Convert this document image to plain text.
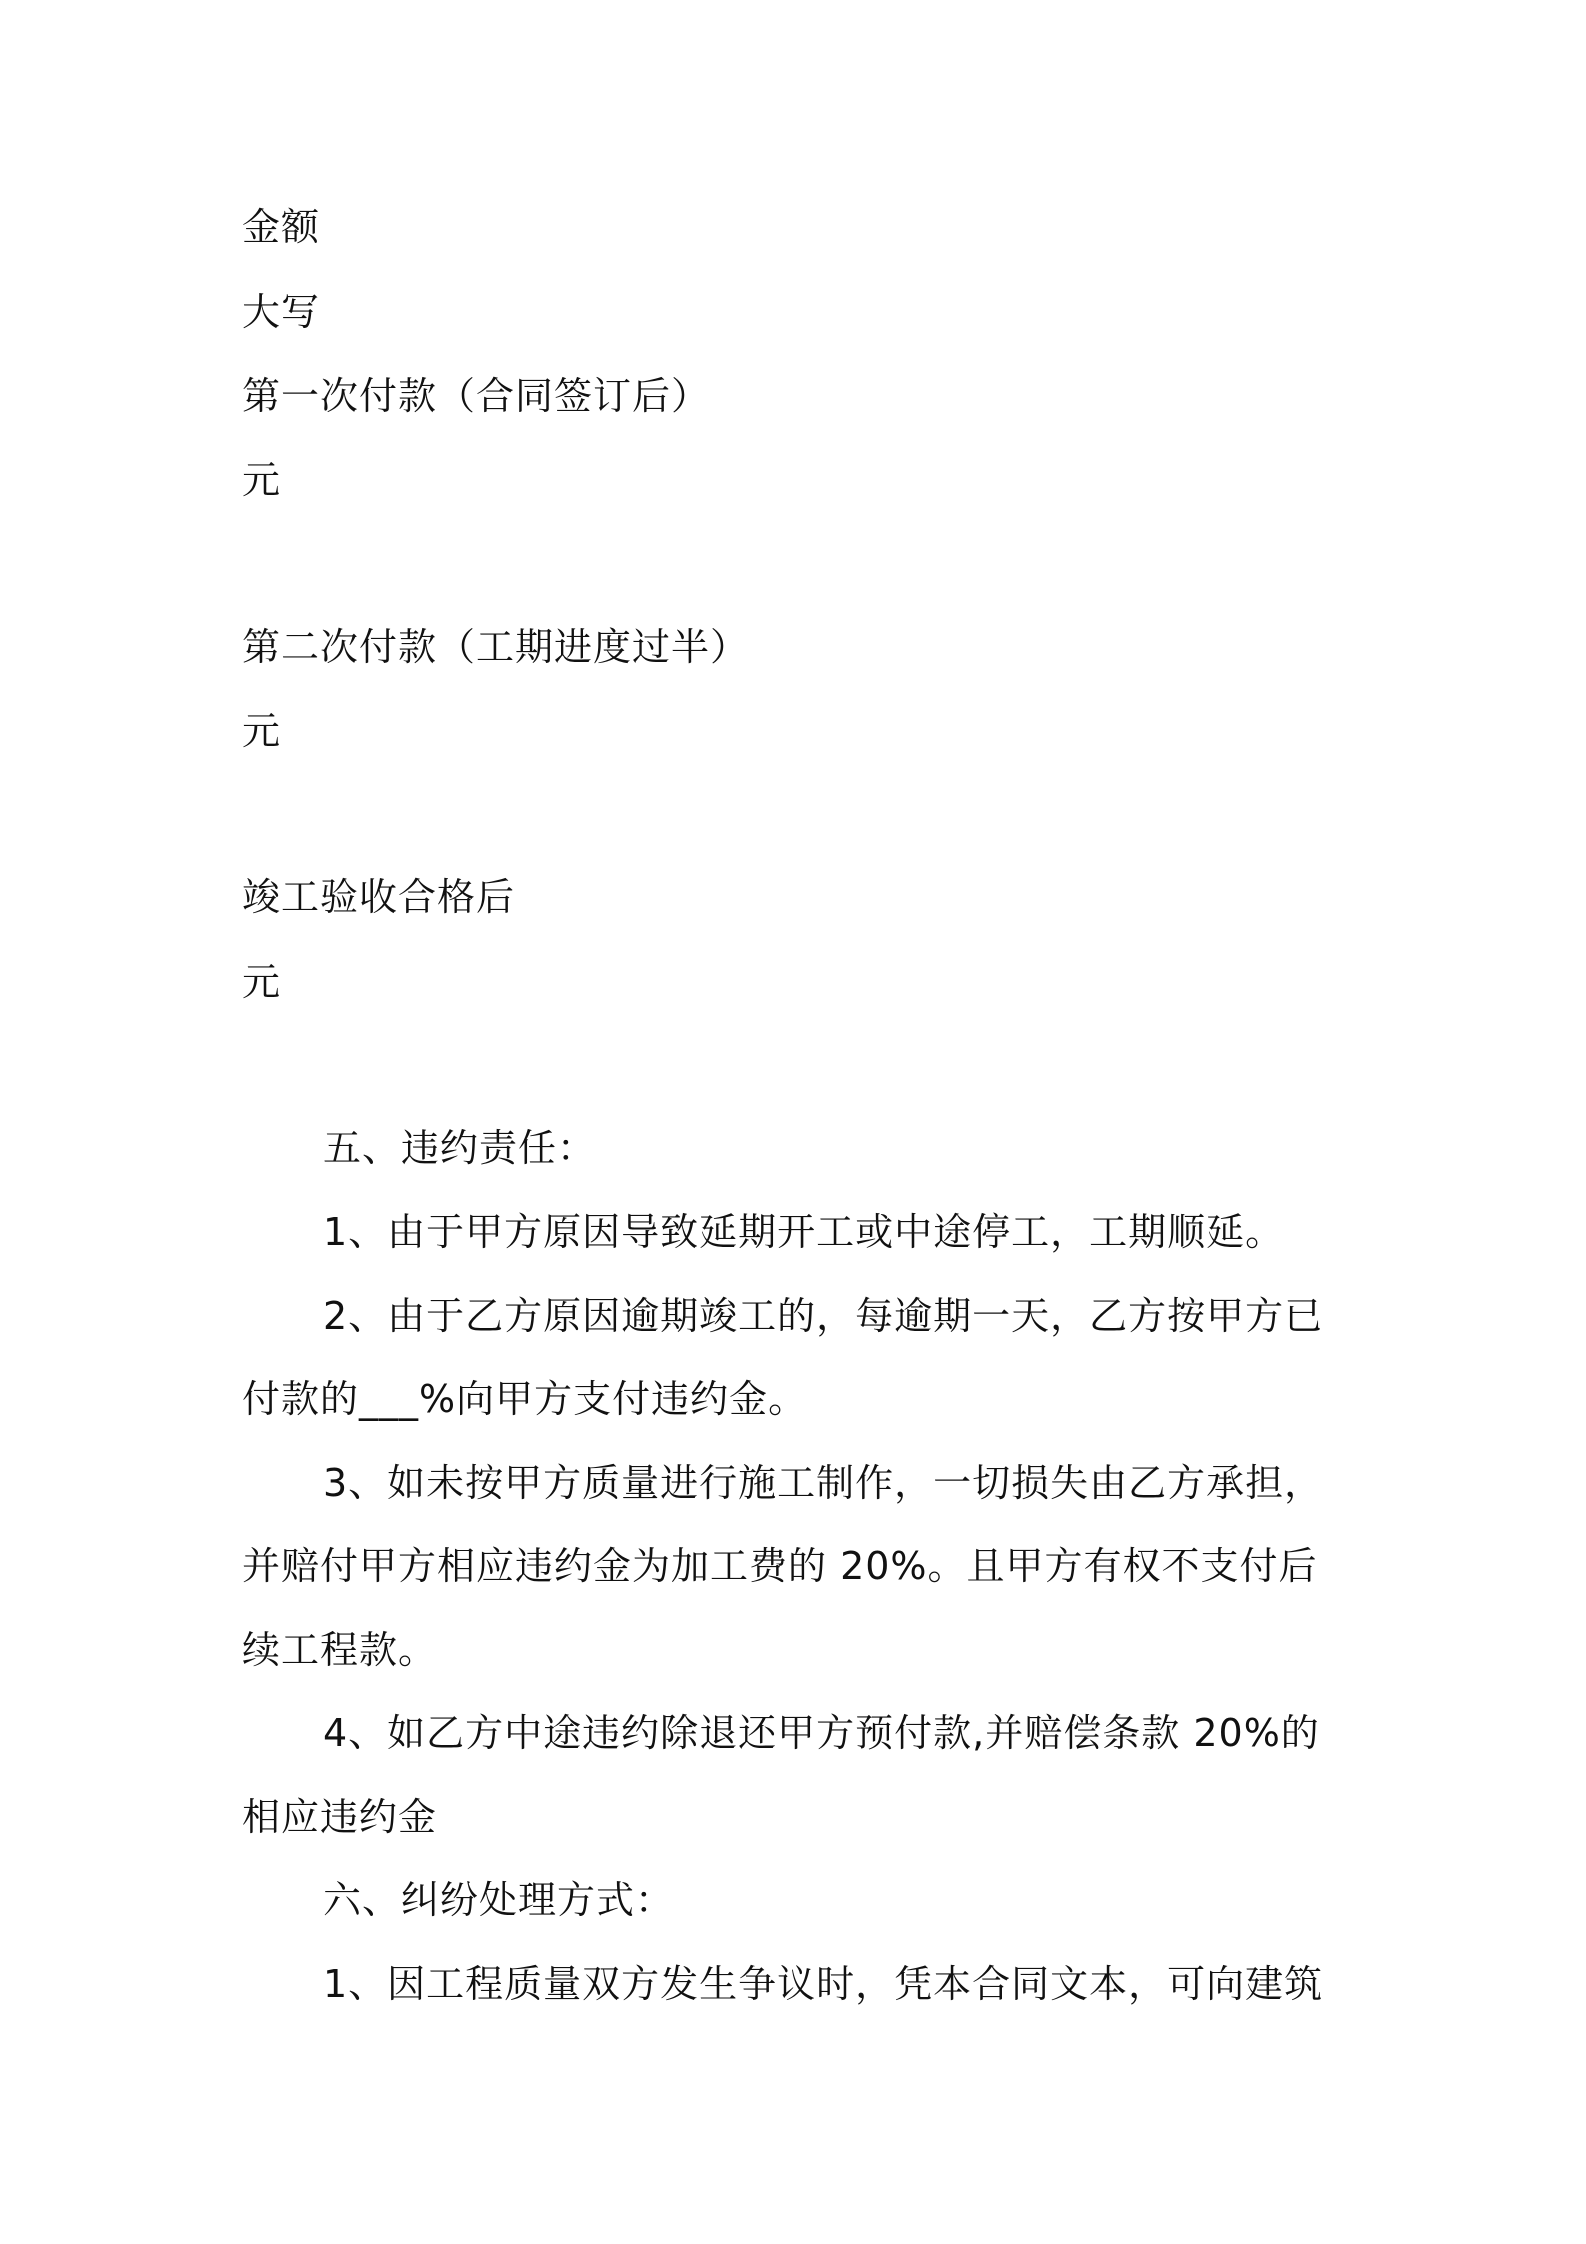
金额
大写
第一次付款（合同签订后）
元
第二次付款（工期进度过半）
元
竣工验收合格后
元
五、违约责任：
1、由于甲方原因导致延期开工或中途停工，工期顺延。
2、由于乙方原因逾期竣工的，每逾期一天，乙方按甲方已
付款的___%向甲方支付违约金。
3、如未按甲方质量进行施工制作，一切损失由乙方承担，
并赔付甲方相应违约金为加工费的 20%。且甲方有权不支付后
续工程款。
4、如乙方中途违约除退还甲方预付款,并赔偿条款 20%的
相应违约金
六、纠纷处理方式：
1、因工程质量双方发生争议时，凭本合同文本，可向建筑
